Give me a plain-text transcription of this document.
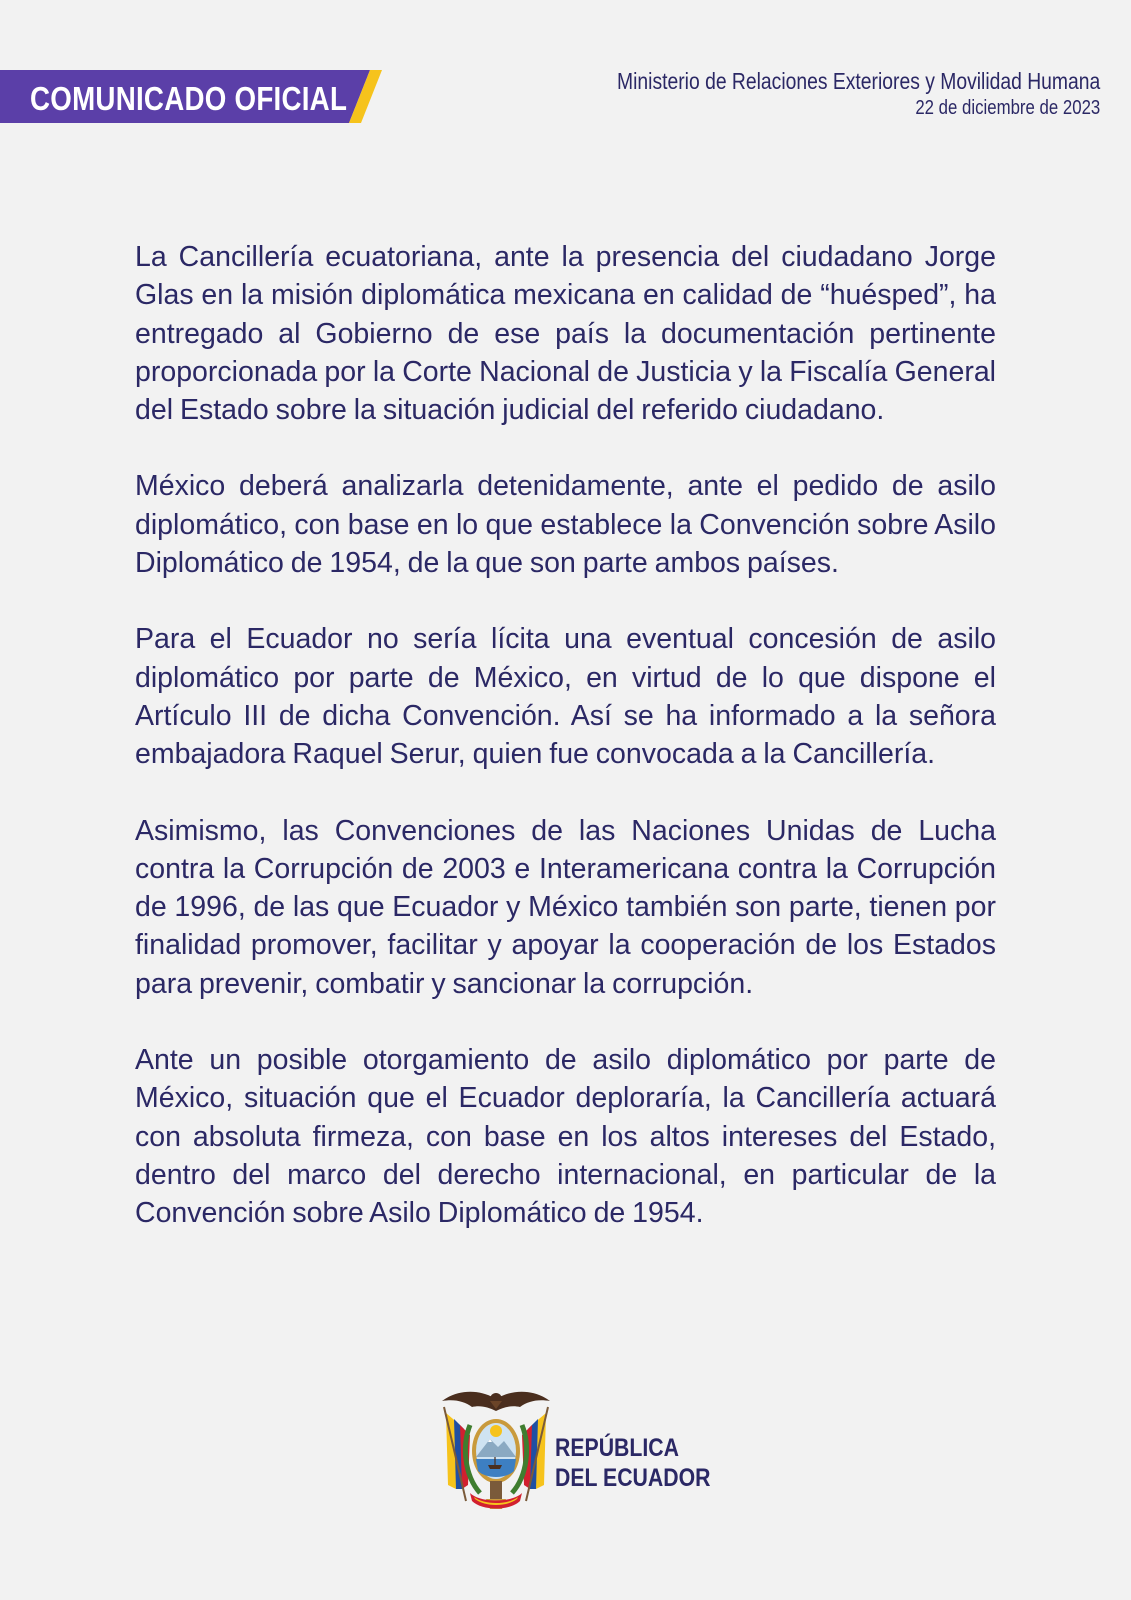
COMUNICADO OFICIAL	Ministerio de Relaciones Exteriores y Movilidad Humana
22 de diciembre de 2023

La Cancillería ecuatoriana, ante la presencia del ciudadano Jorge Glas en la misión diplomática mexicana en calidad de “huésped”, ha entregado al Gobierno de ese país la documentación pertinente proporcionada por la Corte Nacional de Justicia y la Fiscalía General del Estado sobre la situación judicial del referido ciudadano.

México deberá analizarla detenidamente, ante el pedido de asilo diplomático, con base en lo que establece la Convención sobre Asilo Diplomático de 1954, de la que son parte ambos países.

Para el Ecuador no sería lícita una eventual concesión de asilo diplomático por parte de México, en virtud de lo que dispone el Artículo III de dicha Convención. Así se ha informado a la señora embajadora Raquel Serur, quien fue convocada a la Cancillería.

Asimismo, las Convenciones de las Naciones Unidas de Lucha contra la Corrupción de 2003 e Interamericana contra la Corrupción de 1996, de las que Ecuador y México también son parte, tienen por finalidad promover, facilitar y apoyar la cooperación de los Estados para prevenir, combatir y sancionar la corrupción.

Ante un posible otorgamiento de asilo diplomático por parte de México, situación que el Ecuador deploraría, la Cancillería actuará con absoluta firmeza, con base en los altos intereses del Estado, dentro del marco del derecho internacional, en particular de la Convención sobre Asilo Diplomático de 1954.

REPÚBLICA
DEL ECUADOR
